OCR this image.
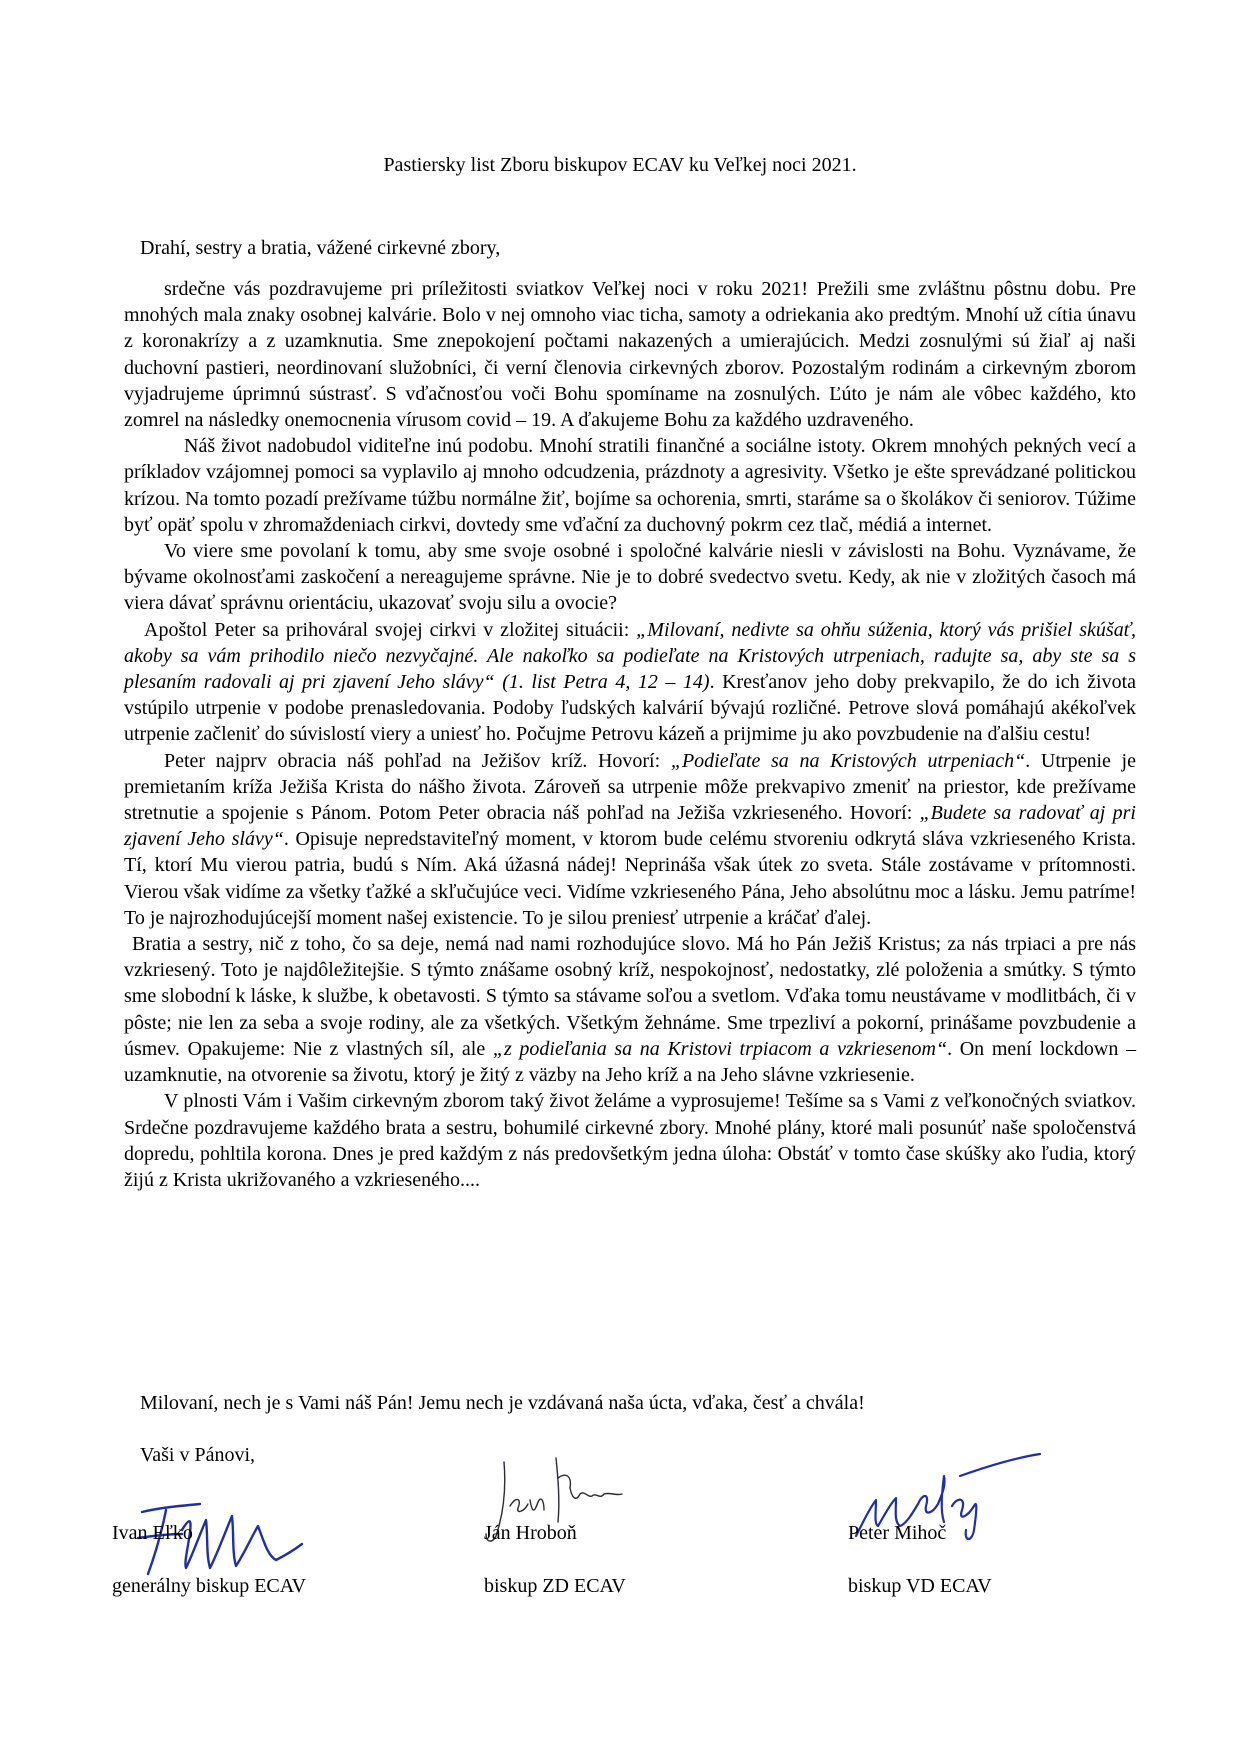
Pastiersky list Zboru biskupov ECAV ku Veľkej noci 2021.
Drahí, sestry a bratia, vážené cirkevné zbory,

srdečne vás pozdravujeme pri príležitosti sviatkov Veľkej noci v roku 2021! Prežili sme zvláštnu pôstnu dobu. Pre mnohých mala znaky osobnej kalvárie. Bolo v nej omnoho viac ticha, samoty a odriekania ako predtým. Mnohí už cítia únavu z koronakrízy a z uzamknutia. Sme znepokojení počtami nakazených a umierajúcich. Medzi zosnulými sú žiaľ aj naši duchovní pastieri, neordinovaní služobníci, či verní členovia cirkevných zborov. Pozostalým rodinám a cirkevným zborom vyjadrujeme úprimnú sústrasť. S vďačnosťou voči Bohu spomíname na zosnulých. Ľúto je nám ale vôbec každého, kto zomrel na následky onemocnenia vírusom covid – 19. A ďakujeme Bohu za každého uzdraveného.

Náš život nadobudol viditeľne inú podobu. Mnohí stratili finančné a sociálne istoty. Okrem mnohých pekných vecí a príkladov vzájomnej pomoci sa vyplavilo aj mnoho odcudzenia, prázdnoty a agresivity. Všetko je ešte sprevádzané politickou krízou. Na tomto pozadí prežívame túžbu normálne žiť, bojíme sa ochorenia, smrti, staráme sa o školákov či seniorov. Túžime byť opäť spolu v zhromaždeniach cirkvi, dovtedy sme vďační za duchovný pokrm cez tlač, médiá a internet.

Vo viere sme povolaní k tomu, aby sme svoje osobné i spoločné kalvárie niesli v závislosti na Bohu. Vyznávame, že bývame okolnosťami zaskočení a nereagujeme správne. Nie je to dobré svedectvo svetu. Kedy, ak nie v zložitých časoch má viera dávať správnu orientáciu, ukazovať svoju silu a ovocie?

Apoštol Peter sa prihováral svojej cirkvi v zložitej situácii: „Milovaní, nedivte sa ohňu súženia, ktorý vás prišiel skúšať, akoby sa vám prihodilo niečo nezvyčajné. Ale nakoľko sa podieľate na Kristových utrpeniach, radujte sa, aby ste sa s plesaním radovali aj pri zjavení Jeho slávy“ (1. list Petra 4, 12 – 14). Kresťanov jeho doby prekvapilo, že do ich života vstúpilo utrpenie v podobe prenasledovania. Podoby ľudských kalvárií bývajú rozličné. Petrove slová pomáhajú akékoľvek utrpenie začleniť do súvislostí viery a uniesť ho. Počujme Petrovu kázeň a prijmime ju ako povzbudenie na ďalšiu cestu!

Peter najprv obracia náš pohľad na Ježišov kríž. Hovorí: „Podieľate sa na Kristových utrpeniach“. Utrpenie je premietaním kríža Ježiša Krista do nášho života. Zároveň sa utrpenie môže prekvapivo zmeniť na priestor, kde prežívame stretnutie a spojenie s Pánom. Potom Peter obracia náš pohľad na Ježiša vzkrieseného. Hovorí: „Budete sa radovať aj pri zjavení Jeho slávy“. Opisuje nepredstaviteľný moment, v ktorom bude celému stvoreniu odkrytá sláva vzkrieseného Krista. Tí, ktorí Mu vierou patria, budú s Ním. Aká úžasná nádej! Neprináša však útek zo sveta. Stále zostávame v prítomnosti. Vierou však vidíme za všetky ťažké a skľučujúce veci. Vidíme vzkrieseného Pána, Jeho absolútnu moc a lásku. Jemu patríme! To je najrozhodujúcejší moment našej existencie. To je silou preniesť utrpenie a kráčať ďalej.

Bratia a sestry, nič z toho, čo sa deje, nemá nad nami rozhodujúce slovo. Má ho Pán Ježiš Kristus; za nás trpiaci a pre nás vzkriesený. Toto je najdôležitejšie. S týmto znášame osobný kríž, nespokojnosť, nedostatky, zlé položenia a smútky. S týmto sme slobodní k láske, k službe, k obetavosti. S týmto sa stávame soľou a svetlom. Vďaka tomu neustávame v modlitbách, či v pôste; nie len za seba a svoje rodiny, ale za všetkých. Všetkým žehnáme. Sme trpezliví a pokorní, prinášame povzbudenie a úsmev. Opakujeme: Nie z vlastných síl, ale „z podieľania sa na Kristovi trpiacom a vzkriesenom“. On mení lockdown – uzamknutie, na otvorenie sa životu, ktorý je žitý z väzby na Jeho kríž a na Jeho slávne vzkriesenie.

V plnosti Vám i Vašim cirkevným zborom taký život želáme a vyprosujeme! Tešíme sa s Vami z veľkonočných sviatkov. Srdečne pozdravujeme každého brata a sestru, bohumilé cirkevné zbory. Mnohé plány, ktoré mali posunúť naše spoločenstvá dopredu, pohltila korona. Dnes je pred každým z nás predovšetkým jedna úloha: Obstáť v tomto čase skúšky ako ľudia, ktorý žijú z Krista ukrižovaného a vzkrieseného....

Milovaní, nech je s Vami náš Pán! Jemu nech je vzdávaná naša úcta, vďaka, česť a chvála!
Vaši v Pánovi,
Ivan Eľko
generálny biskup ECAV
Ján Hroboň
biskup ZD ECAV
Peter Mihoč
biskup VD ECAV
